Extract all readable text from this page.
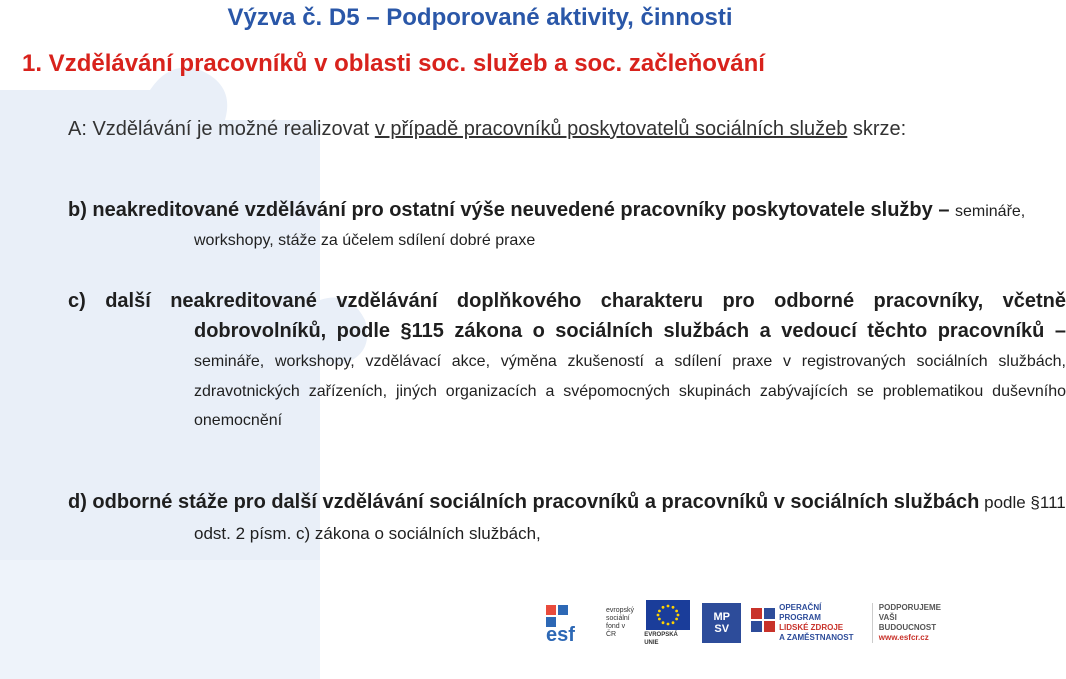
Výzva č. D5 – Podporované aktivity, činnosti
1. Vzdělávání pracovníků v oblasti soc. služeb a soc. začleňování
A: Vzdělávání je možné realizovat v případě pracovníků poskytovatelů sociálních služeb skrze:
b) neakreditované vzdělávání pro ostatní výše neuvedené pracovníky poskytovatele služby – semináře, workshopy, stáže za účelem sdílení dobré praxe
c) další neakreditované vzdělávání doplňkového charakteru pro odborné pracovníky, včetně dobrovolníků, podle §115 zákona o sociálních službách a vedoucí těchto pracovníků – semináře, workshopy, vzdělávací akce, výměna zkušeností a sdílení praxe v registrovaných sociálních službách, zdravotnických zařízeních, jiných organizacích a svépomocných skupinách zabývajících se problematikou duševního onemocnění
d) odborné stáže pro další vzdělávání sociálních pracovníků a pracovníků v sociálních službách podle §111 odst. 2 písm. c) zákona o sociálních službách,
esf
evropský
sociální
fond v ČR	EVROPSKÁ UNIE
MP
SV
OPERAČNÍ PROGRAM
LIDSKÉ ZDROJE
A ZAMĚSTNANOST
PODPORUJEME
VAŠI BUDOUCNOST
www.esfcr.cz
